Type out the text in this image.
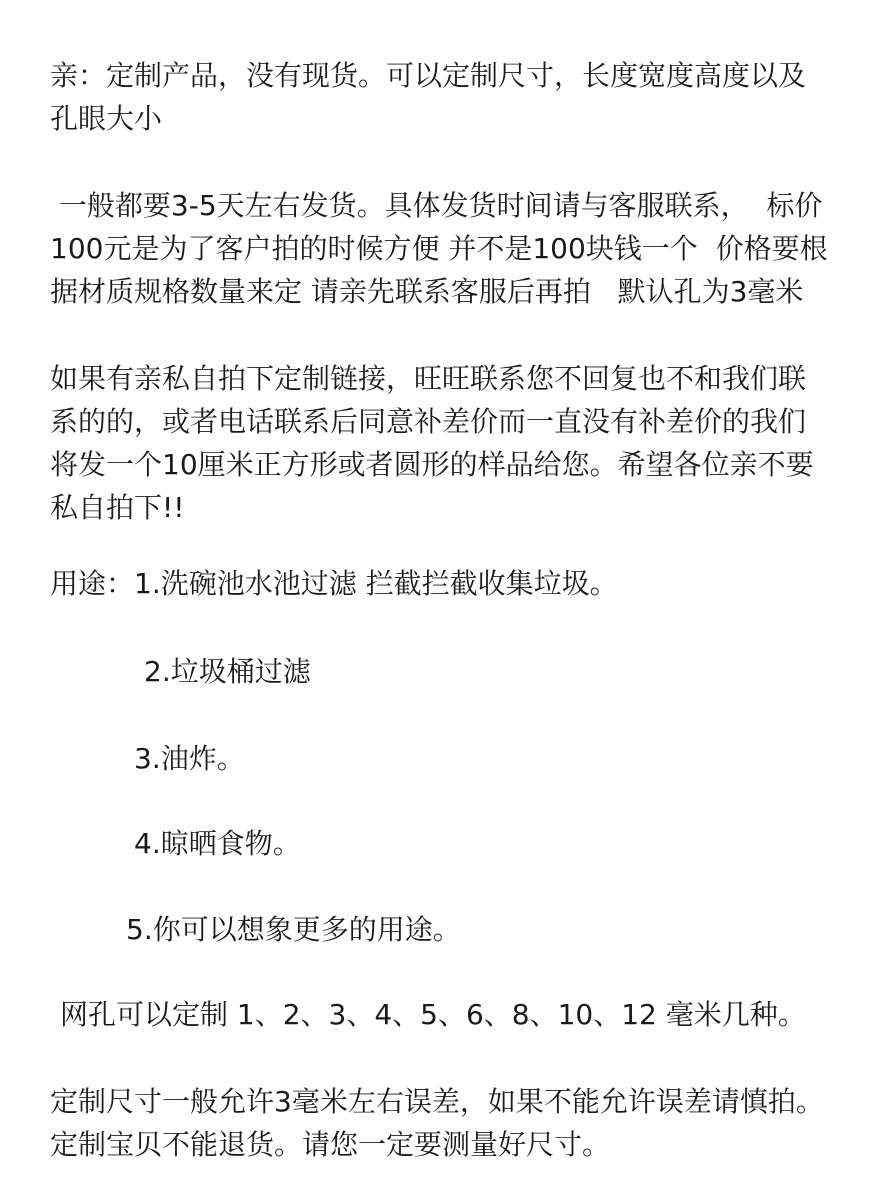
亲：定制产品，没有现货。可以定制尺寸，长度宽度高度以及
孔眼大小

一般都要3-5天左右发货。具体发货时间请与客服联系，  标价
100元是为了客户拍的时候方便 并不是100块钱一个  价格要根
据材质规格数量来定 请亲先联系客服后再拍   默认孔为3毫米

如果有亲私自拍下定制链接，旺旺联系您不回复也不和我们联
系的的，或者电话联系后同意补差价而一直没有补差价的我们
将发一个10厘米正方形或者圆形的样品给您。希望各位亲不要
私自拍下!!

用途：1.洗碗池水池过滤 拦截拦截收集垃圾。

2.垃圾桶过滤

3.油炸。

4.晾晒食物。

5.你可以想象更多的用途。

网孔可以定制 1、2、3、4、5、6、8、10、12 毫米几种。

定制尺寸一般允许3毫米左右误差，如果不能允许误差请慎拍。
定制宝贝不能退货。请您一定要测量好尺寸。
